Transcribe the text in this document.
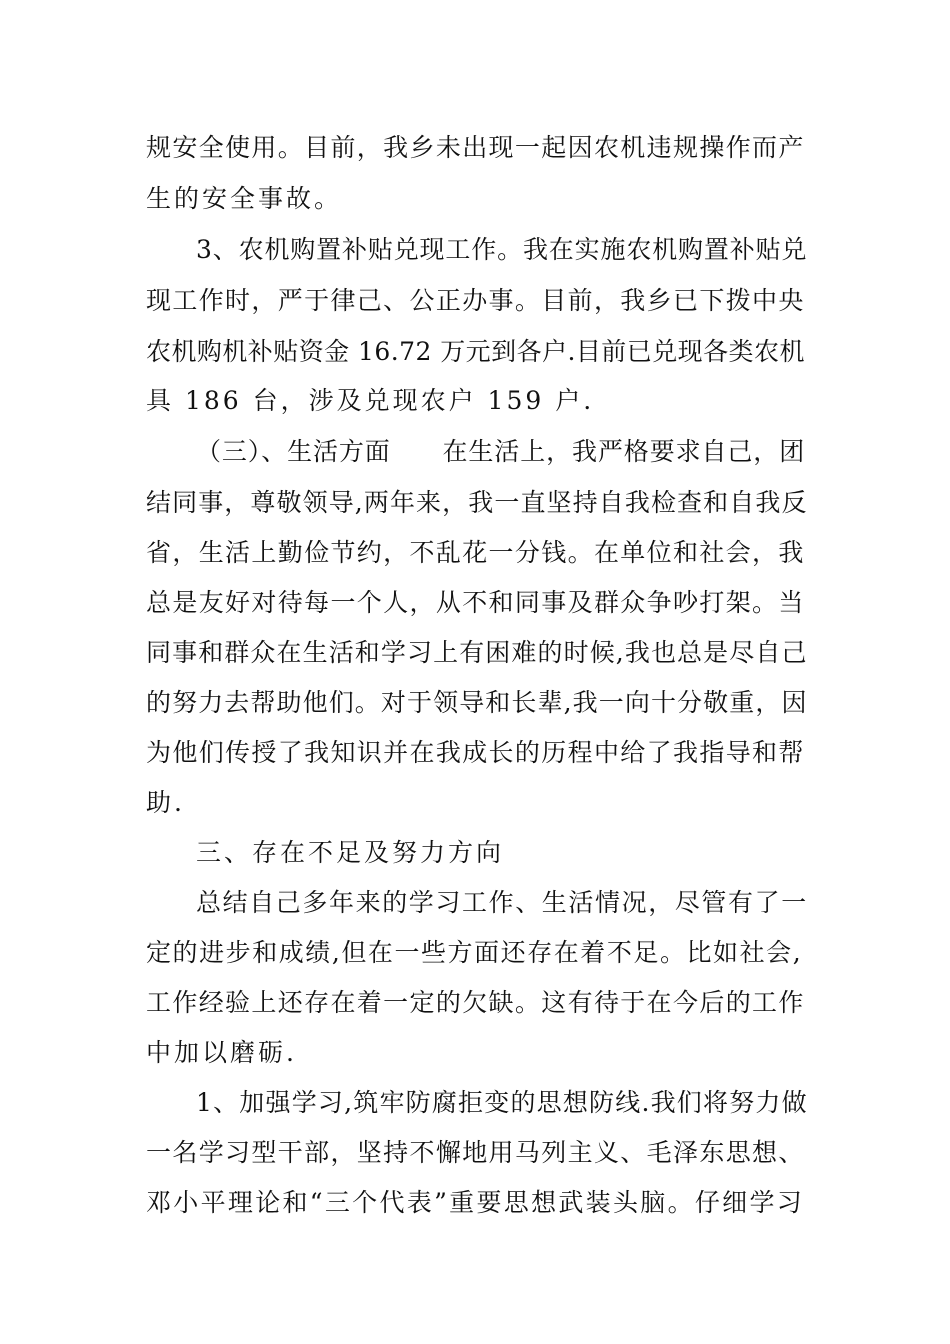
规安全使用。目前，我乡未出现一起因农机违规操作而产
生的安全事故。
3、农机购置补贴兑现工作。我在实施农机购置补贴兑
现工作时，严于律己、公正办事。目前，我乡已下拨中央
农机购机补贴资金 16.72 万元到各户.目前已兑现各类农机
具 186 台，涉及兑现农户 159 户.
（三）、生活方面　　在生活上，我严格要求自己，团
结同事，尊敬领导,两年来，我一直坚持自我检查和自我反
省，生活上勤俭节约，不乱花一分钱。在单位和社会，我
总是友好对待每一个人，从不和同事及群众争吵打架。当
同事和群众在生活和学习上有困难的时候,我也总是尽自己
的努力去帮助他们。对于领导和长辈,我一向十分敬重，因
为他们传授了我知识并在我成长的历程中给了我指导和帮
助.
三、存在不足及努力方向
总结自己多年来的学习工作、生活情况，尽管有了一
定的进步和成绩,但在一些方面还存在着不足。比如社会,
工作经验上还存在着一定的欠缺。这有待于在今后的工作
中加以磨砺.
1、加强学习,筑牢防腐拒变的思想防线.我们将努力做
一名学习型干部，坚持不懈地用马列主义、毛泽东思想、
邓小平理论和“三个代表”重要思想武装头脑。仔细学习
